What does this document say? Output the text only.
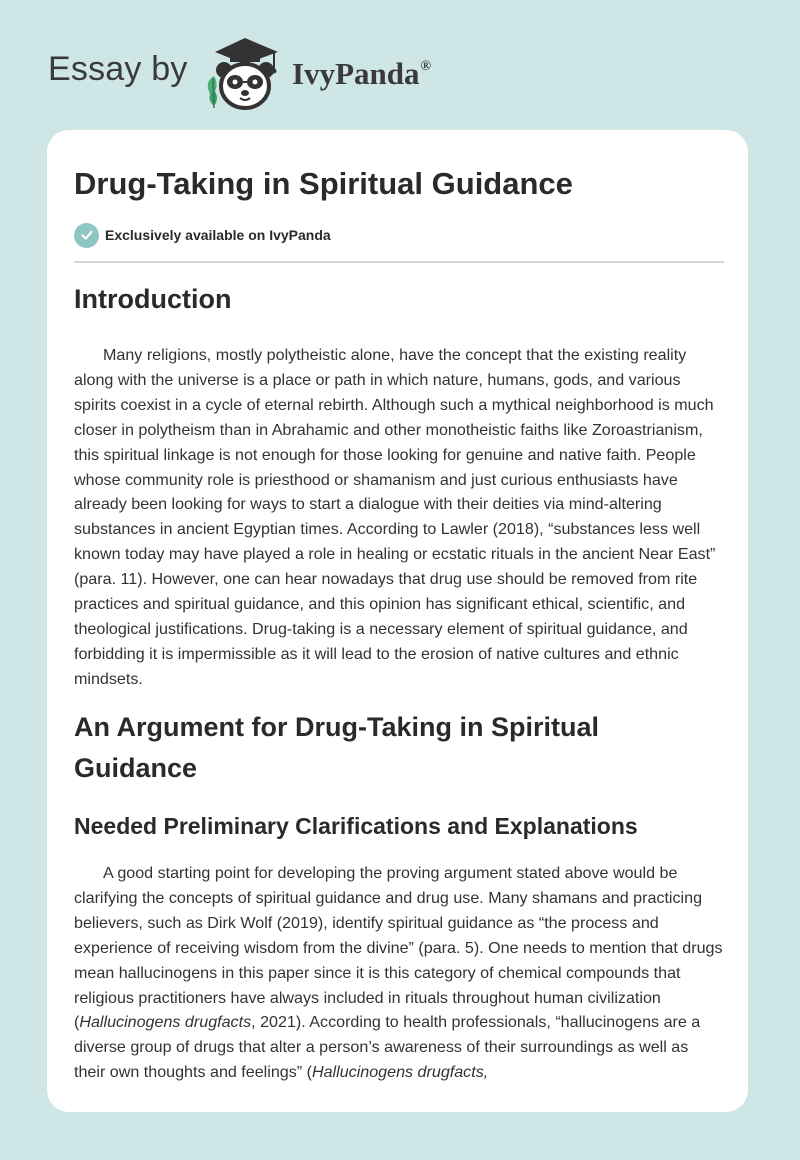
Essay by	IvyPanda®
Drug-Taking in Spiritual Guidance
Exclusively available on IvyPanda
Introduction

Many religions, mostly polytheistic alone, have the concept that the existing reality along with the universe is a place or path in which nature, humans, gods, and various spirits coexist in a cycle of eternal rebirth. Although such a mythical neighborhood is much closer in polytheism than in Abrahamic and other monotheistic faiths like Zoroastrianism, this spiritual linkage is not enough for those looking for genuine and native faith. People whose community role is priesthood or shamanism and just curious enthusiasts have already been looking for ways to start a dialogue with their deities via mind-altering substances in ancient Egyptian times. According to Lawler (2018), “substances less well known today may have played a role in healing or ecstatic rituals in the ancient Near East” (para. 11). However, one can hear nowadays that drug use should be removed from rite practices and spiritual guidance, and this opinion has significant ethical, scientific, and theological justifications. Drug-taking is a necessary element of spiritual guidance, and forbidding it is impermissible as it will lead to the erosion of native cultures and ethnic mindsets.

An Argument for Drug-Taking in Spiritual Guidance
Needed Preliminary Clarifications and Explanations

A good starting point for developing the proving argument stated above would be clarifying the concepts of spiritual guidance and drug use. Many shamans and practicing believers, such as Dirk Wolf (2019), identify spiritual guidance as “the process and experience of receiving wisdom from the divine” (para. 5). One needs to mention that drugs mean hallucinogens in this paper since it is this category of chemical compounds that religious practitioners have always included in rituals throughout human civilization (Hallucinogens drugfacts, 2021). According to health professionals, “hallucinogens are a diverse group of drugs that alter a person’s awareness of their surroundings as well as their own thoughts and feelings” (Hallucinogens drugfacts,
